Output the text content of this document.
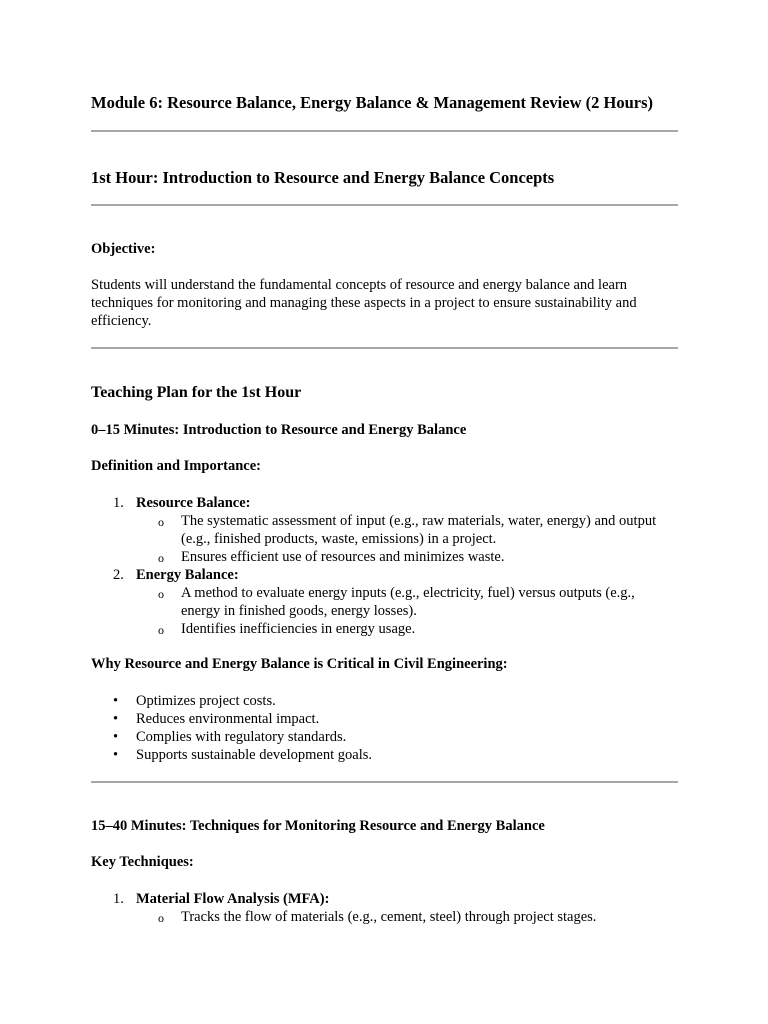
Module 6: Resource Balance, Energy Balance & Management Review (2 Hours)
1st Hour: Introduction to Resource and Energy Balance Concepts
Objective:

Students will understand the fundamental concepts of resource and energy balance and learn techniques for monitoring and managing these aspects in a project to ensure sustainability and efficiency.

Teaching Plan for the 1st Hour
0–15 Minutes: Introduction to Resource and Energy Balance
Definition and Importance:
1. Resource Balance:
o The systematic assessment of input (e.g., raw materials, water, energy) and output (e.g., finished products, waste, emissions) in a project.
o Ensures efficient use of resources and minimizes waste.
2. Energy Balance:
o A method to evaluate energy inputs (e.g., electricity, fuel) versus outputs (e.g., energy in finished goods, energy losses).
o Identifies inefficiencies in energy usage.
Why Resource and Energy Balance is Critical in Civil Engineering:
• Optimizes project costs.
• Reduces environmental impact.
• Complies with regulatory standards.
• Supports sustainable development goals.
15–40 Minutes: Techniques for Monitoring Resource and Energy Balance
Key Techniques:
1. Material Flow Analysis (MFA):
o Tracks the flow of materials (e.g., cement, steel) through project stages.
